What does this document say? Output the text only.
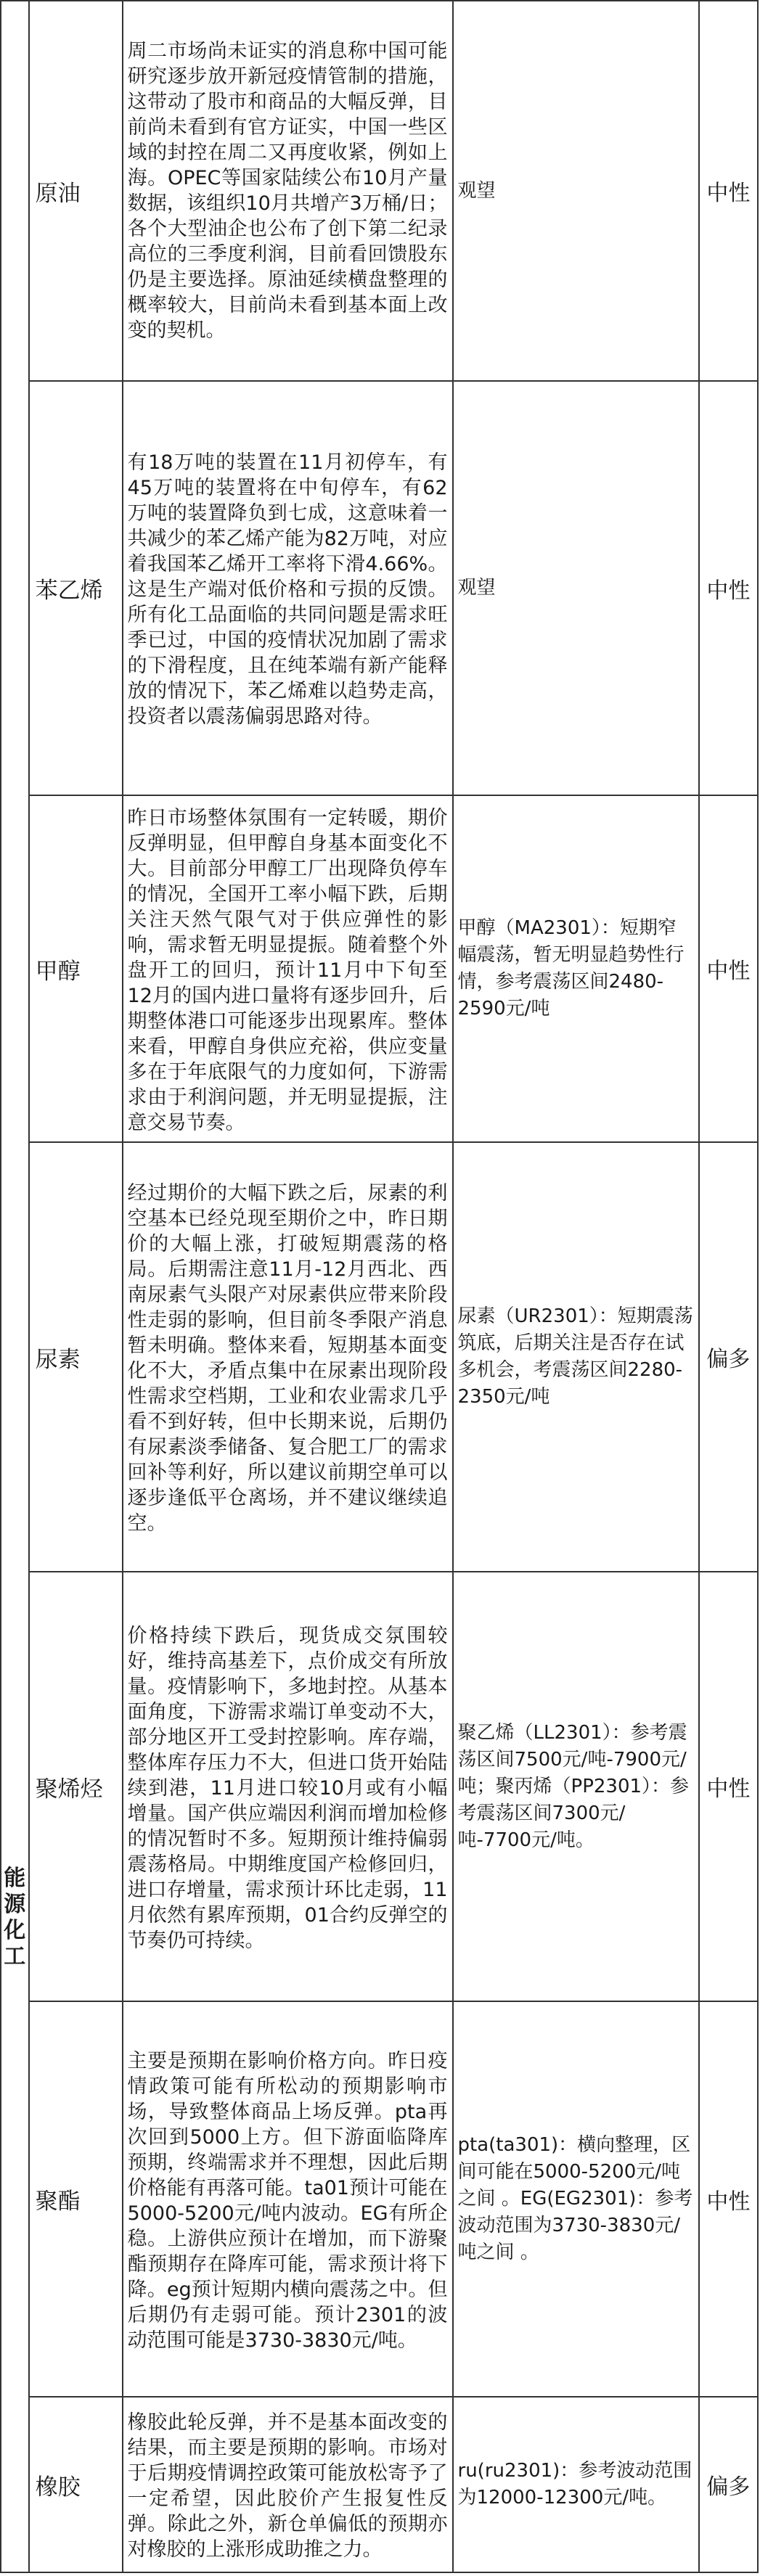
能源化工	原油	周二市场尚未证实的消息称中国可能研究逐步放开新冠疫情管制的措施，这带动了股市和商品的大幅反弹，目前尚未看到有官方证实，中国一些区域的封控在周二又再度收紧，例如上海。OPEC等国家陆续公布10月产量数据，该组织10月共增产3万桶/日；各个大型油企也公布了创下第二纪录高位的三季度利润，目前看回馈股东仍是主要选择。原油延续横盘整理的概率较大，目前尚未看到基本面上改变的契机。	观望	中性
	苯乙烯	有18万吨的装置在11月初停车，有45万吨的装置将在中旬停车，有62万吨的装置降负到七成，这意味着一共减少的苯乙烯产能为82万吨，对应着我国苯乙烯开工率将下滑4.66%。这是生产端对低价格和亏损的反馈。所有化工品面临的共同问题是需求旺季已过，中国的疫情状况加剧了需求的下滑程度，且在纯苯端有新产能释放的情况下，苯乙烯难以趋势走高，投资者以震荡偏弱思路对待。	观望	中性
	甲醇	昨日市场整体氛围有一定转暖，期价反弹明显，但甲醇自身基本面变化不大。目前部分甲醇工厂出现降负停车的情况，全国开工率小幅下跌，后期关注天然气限气对于供应弹性的影响，需求暂无明显提振。随着整个外盘开工的回归，预计11月中下旬至12月的国内进口量将有逐步回升，后期整体港口可能逐步出现累库。整体来看，甲醇自身供应充裕，供应变量多在于年底限气的力度如何，下游需求由于利润问题，并无明显提振，注意交易节奏。	甲醇（MA2301）：短期窄幅震荡，暂无明显趋势性行情，参考震荡区间2480-2590元/吨	中性
	尿素	经过期价的大幅下跌之后，尿素的利空基本已经兑现至期价之中，昨日期价的大幅上涨，打破短期震荡的格局。后期需注意11月-12月西北、西南尿素气头限产对尿素供应带来阶段性走弱的影响，但目前冬季限产消息暂未明确。整体来看，短期基本面变化不大，矛盾点集中在尿素出现阶段性需求空档期，工业和农业需求几乎看不到好转，但中长期来说，后期仍有尿素淡季储备、复合肥工厂的需求回补等利好，所以建议前期空单可以逐步逢低平仓离场，并不建议继续追空。	尿素（UR2301）：短期震荡筑底，后期关注是否存在试多机会，考震荡区间2280-2350元/吨	偏多
	聚烯烃	价格持续下跌后，现货成交氛围较好，维持高基差下，点价成交有所放量。疫情影响下，多地封控。从基本面角度，下游需求端订单变动不大，部分地区开工受封控影响。库存端，整体库存压力不大，但进口货开始陆续到港，11月进口较10月或有小幅增量。国产供应端因利润而增加检修的情况暂时不多。短期预计维持偏弱震荡格局。中期维度国产检修回归，进口存增量，需求预计环比走弱，11月依然有累库预期，01合约反弹空的节奏仍可持续。	聚乙烯（LL2301）：参考震荡区间7500元/吨-7900元/吨；聚丙烯（PP2301）：参考震荡区间7300元/吨-7700元/吨。	中性
	聚酯	主要是预期在影响价格方向。昨日疫情政策可能有所松动的预期影响市场，导致整体商品上场反弹。pta再次回到5000上方。但下游面临降库预期，终端需求并不理想，因此后期价格能有再落可能。ta01预计可能在5000-5200元/吨内波动。EG有所企稳。上游供应预计在增加，而下游聚酯预期存在降库可能，需求预计将下降。eg预计短期内横向震荡之中。但后期仍有走弱可能。预计2301的波动范围可能是3730-3830元/吨。	pta(ta301)：横向整理，区间可能在5000-5200元/吨之间 。EG(EG2301)：参考波动范围为3730-3830元/吨之间 。	中性
	橡胶	橡胶此轮反弹，并不是基本面改变的结果，而主要是预期的影响。市场对于后期疫情调控政策可能放松寄予了一定希望，因此胶价产生报复性反弹。除此之外，新仓单偏低的预期亦对橡胶的上涨形成助推之力。	ru(ru2301)：参考波动范围为12000-12300元/吨。	偏多
